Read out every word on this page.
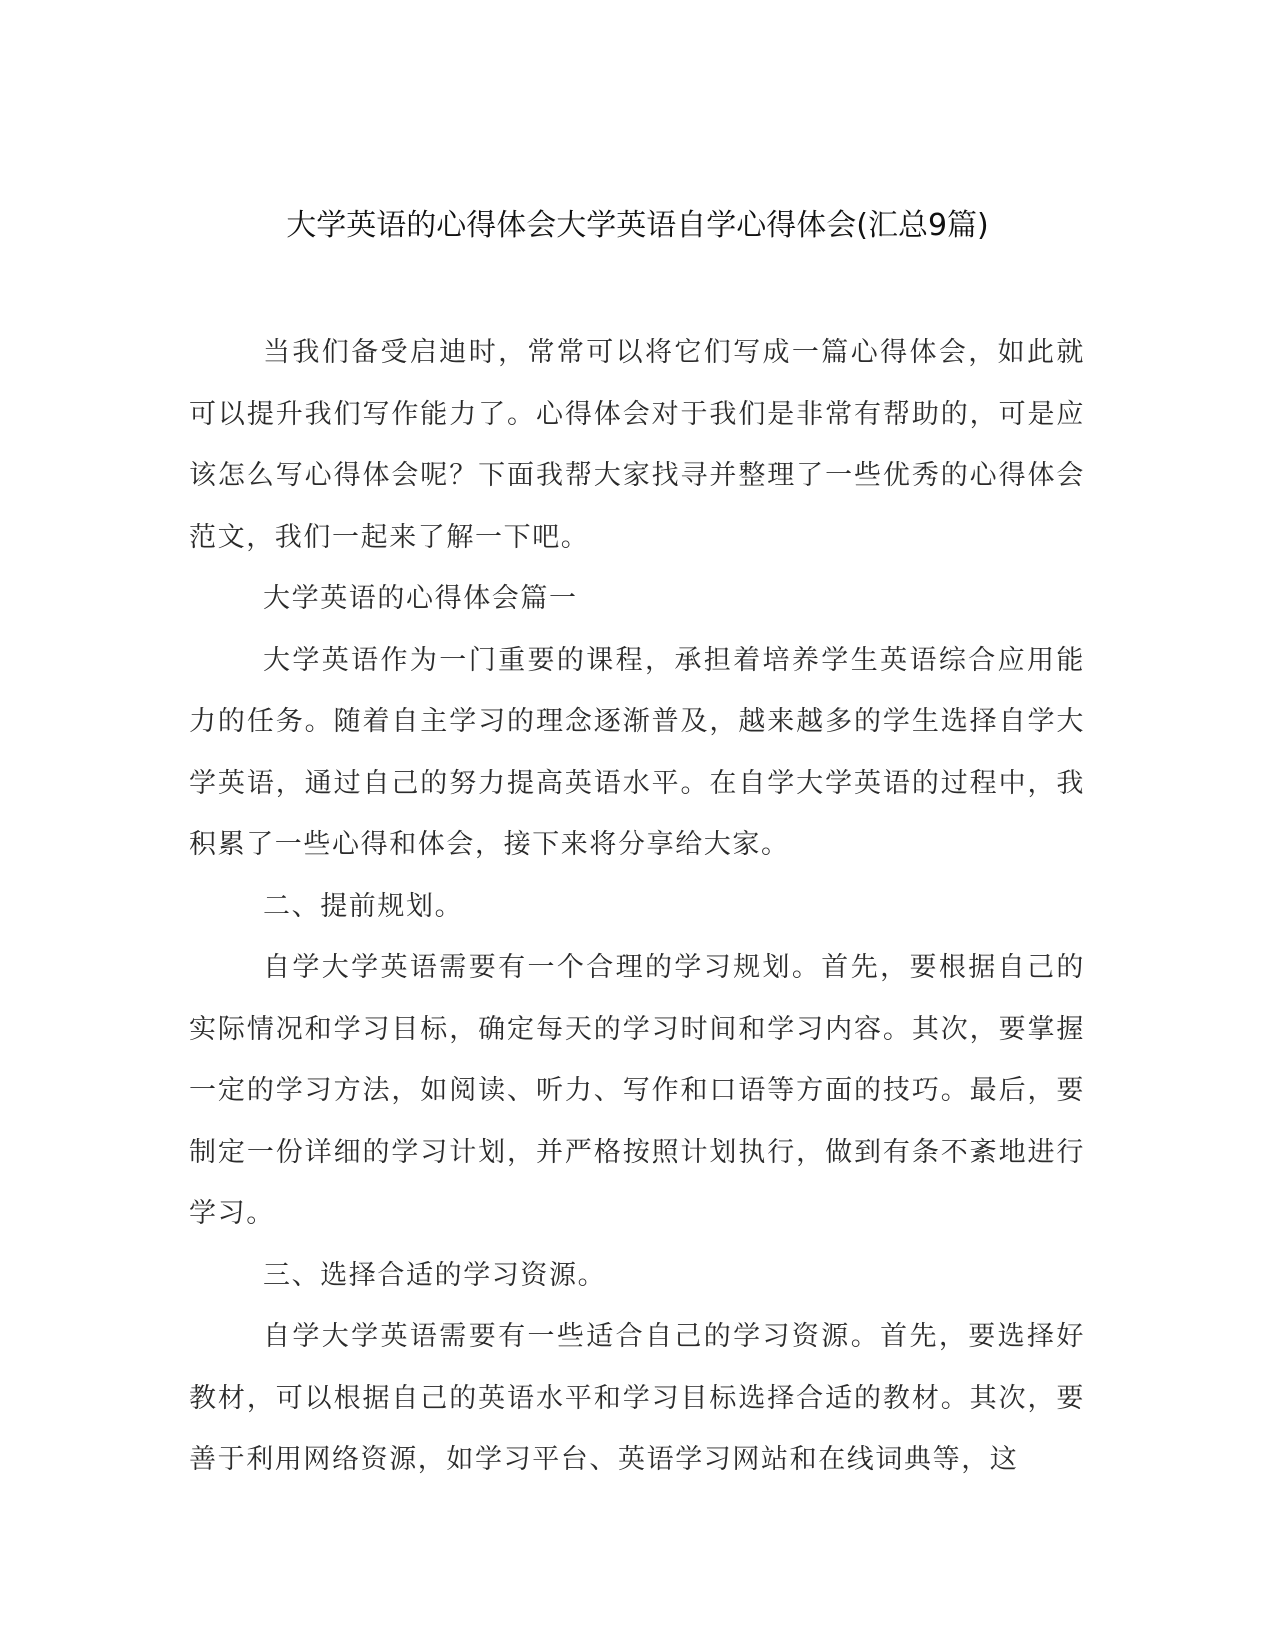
大学英语的心得体会大学英语自学心得体会(汇总9篇)

当我们备受启迪时，常常可以将它们写成一篇心得体会，如此就可以提升我们写作能力了。心得体会对于我们是非常有帮助的，可是应该怎么写心得体会呢？下面我帮大家找寻并整理了一些优秀的心得体会范文，我们一起来了解一下吧。

大学英语的心得体会篇一

大学英语作为一门重要的课程，承担着培养学生英语综合应用能力的任务。随着自主学习的理念逐渐普及，越来越多的学生选择自学大学英语，通过自己的努力提高英语水平。在自学大学英语的过程中，我积累了一些心得和体会，接下来将分享给大家。

二、提前规划。

自学大学英语需要有一个合理的学习规划。首先，要根据自己的实际情况和学习目标，确定每天的学习时间和学习内容。其次，要掌握一定的学习方法，如阅读、听力、写作和口语等方面的技巧。最后，要制定一份详细的学习计划，并严格按照计划执行，做到有条不紊地进行学习。

三、选择合适的学习资源。

自学大学英语需要有一些适合自己的学习资源。首先，要选择好教材，可以根据自己的英语水平和学习目标选择合适的教材。其次，要善于利用网络资源，如学习平台、英语学习网站和在线词典等，这
